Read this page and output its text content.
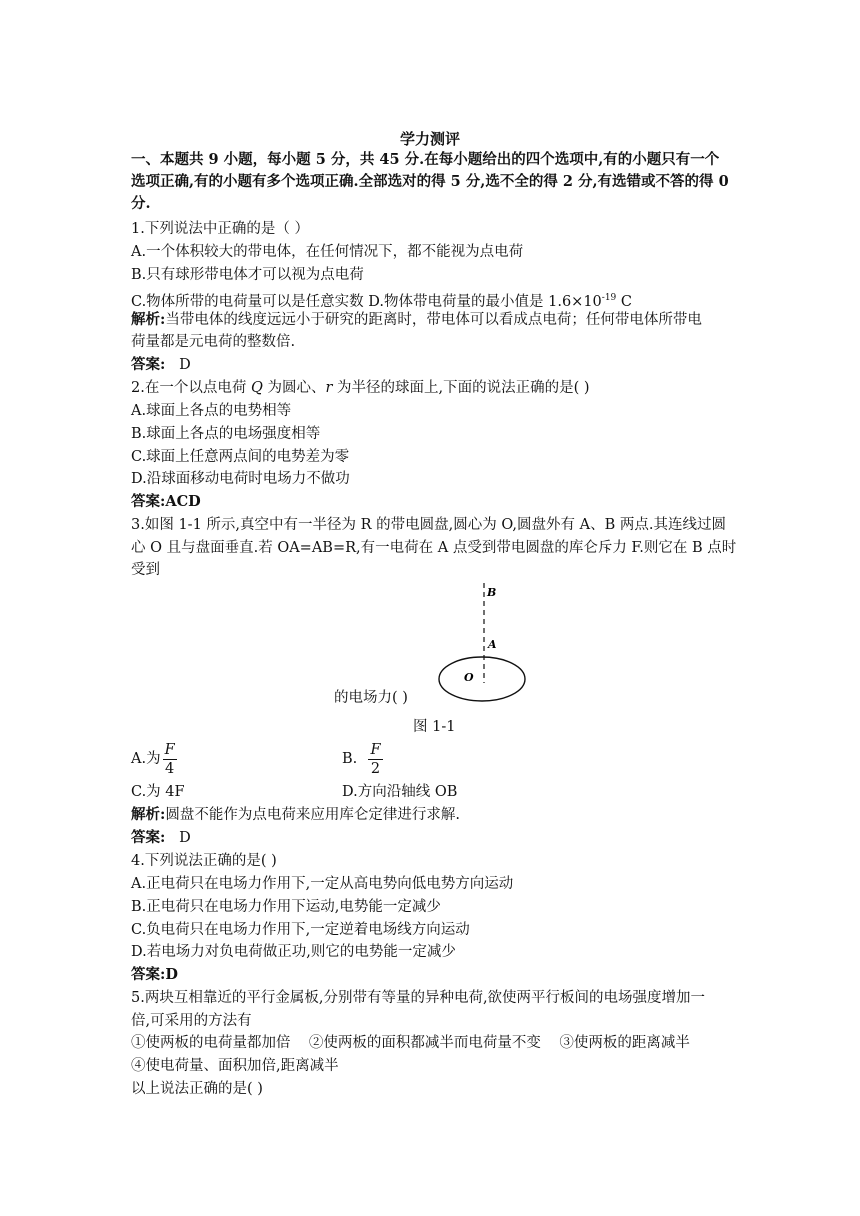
学力测评
一、本题共 9 小题，每小题 5 分，共 45 分.在每小题给出的四个选项中,有的小题只有一个
选项正确,有的小题有多个选项正确.全部选对的得 5 分,选不全的得 2 分,有选错或不答的得 0
分.
1.下列说法中正确的是（ ）
A.一个体积较大的带电体，在任何情况下，都不能视为点电荷
B.只有球形带电体才可以视为点电荷
C.物体所带的电荷量可以是任意实数 D.物体带电荷量的最小值是 $1.6\times 10^{-19}$ C
解析:当带电体的线度远远小于研究的距离时，带电体可以看成点电荷；任何带电体所带电
荷量都是元电荷的整数倍.
答案:   D
2.在一个以点电荷 Q 为圆心、r 为半径的球面上,下面的说法正确的是( )
A.球面上各点的电势相等
B.球面上各点的电场强度相等
C.球面上任意两点间的电势差为零
D.沿球面移动电荷时电场力不做功
答案:ACD
3.如图 1-1 所示,真空中有一半径为 R 的带电圆盘,圆心为 O,圆盘外有 A、B 两点.其连线过圆
心 O 且与盘面垂直.若 OA=AB=R,有一电荷在 A 点受到带电圆盘的库仑斥力 F.则它在 B 点时
受到
B
A
O
的电场力( )
图 1-1
A.为 $\frac{F}{4}$	B. $\frac{F}{2}$
C.为 4F	D.方向沿轴线 OB
解析:圆盘不能作为点电荷来应用库仑定律进行求解.
答案:   D
4.下列说法正确的是( )
A.正电荷只在电场力作用下,一定从高电势向低电势方向运动
B.正电荷只在电场力作用下运动,电势能一定减少
C.负电荷只在电场力作用下,一定逆着电场线方向运动
D.若电场力对负电荷做正功,则它的电势能一定减少
答案:D
5.两块互相靠近的平行金属板,分别带有等量的异种电荷,欲使两平行板间的电场强度增加一
倍,可采用的方法有
①使两板的电荷量都加倍    ②使两板的面积都减半而电荷量不变    ③使两板的距离减半
④使电荷量、面积加倍,距离减半
以上说法正确的是( )
